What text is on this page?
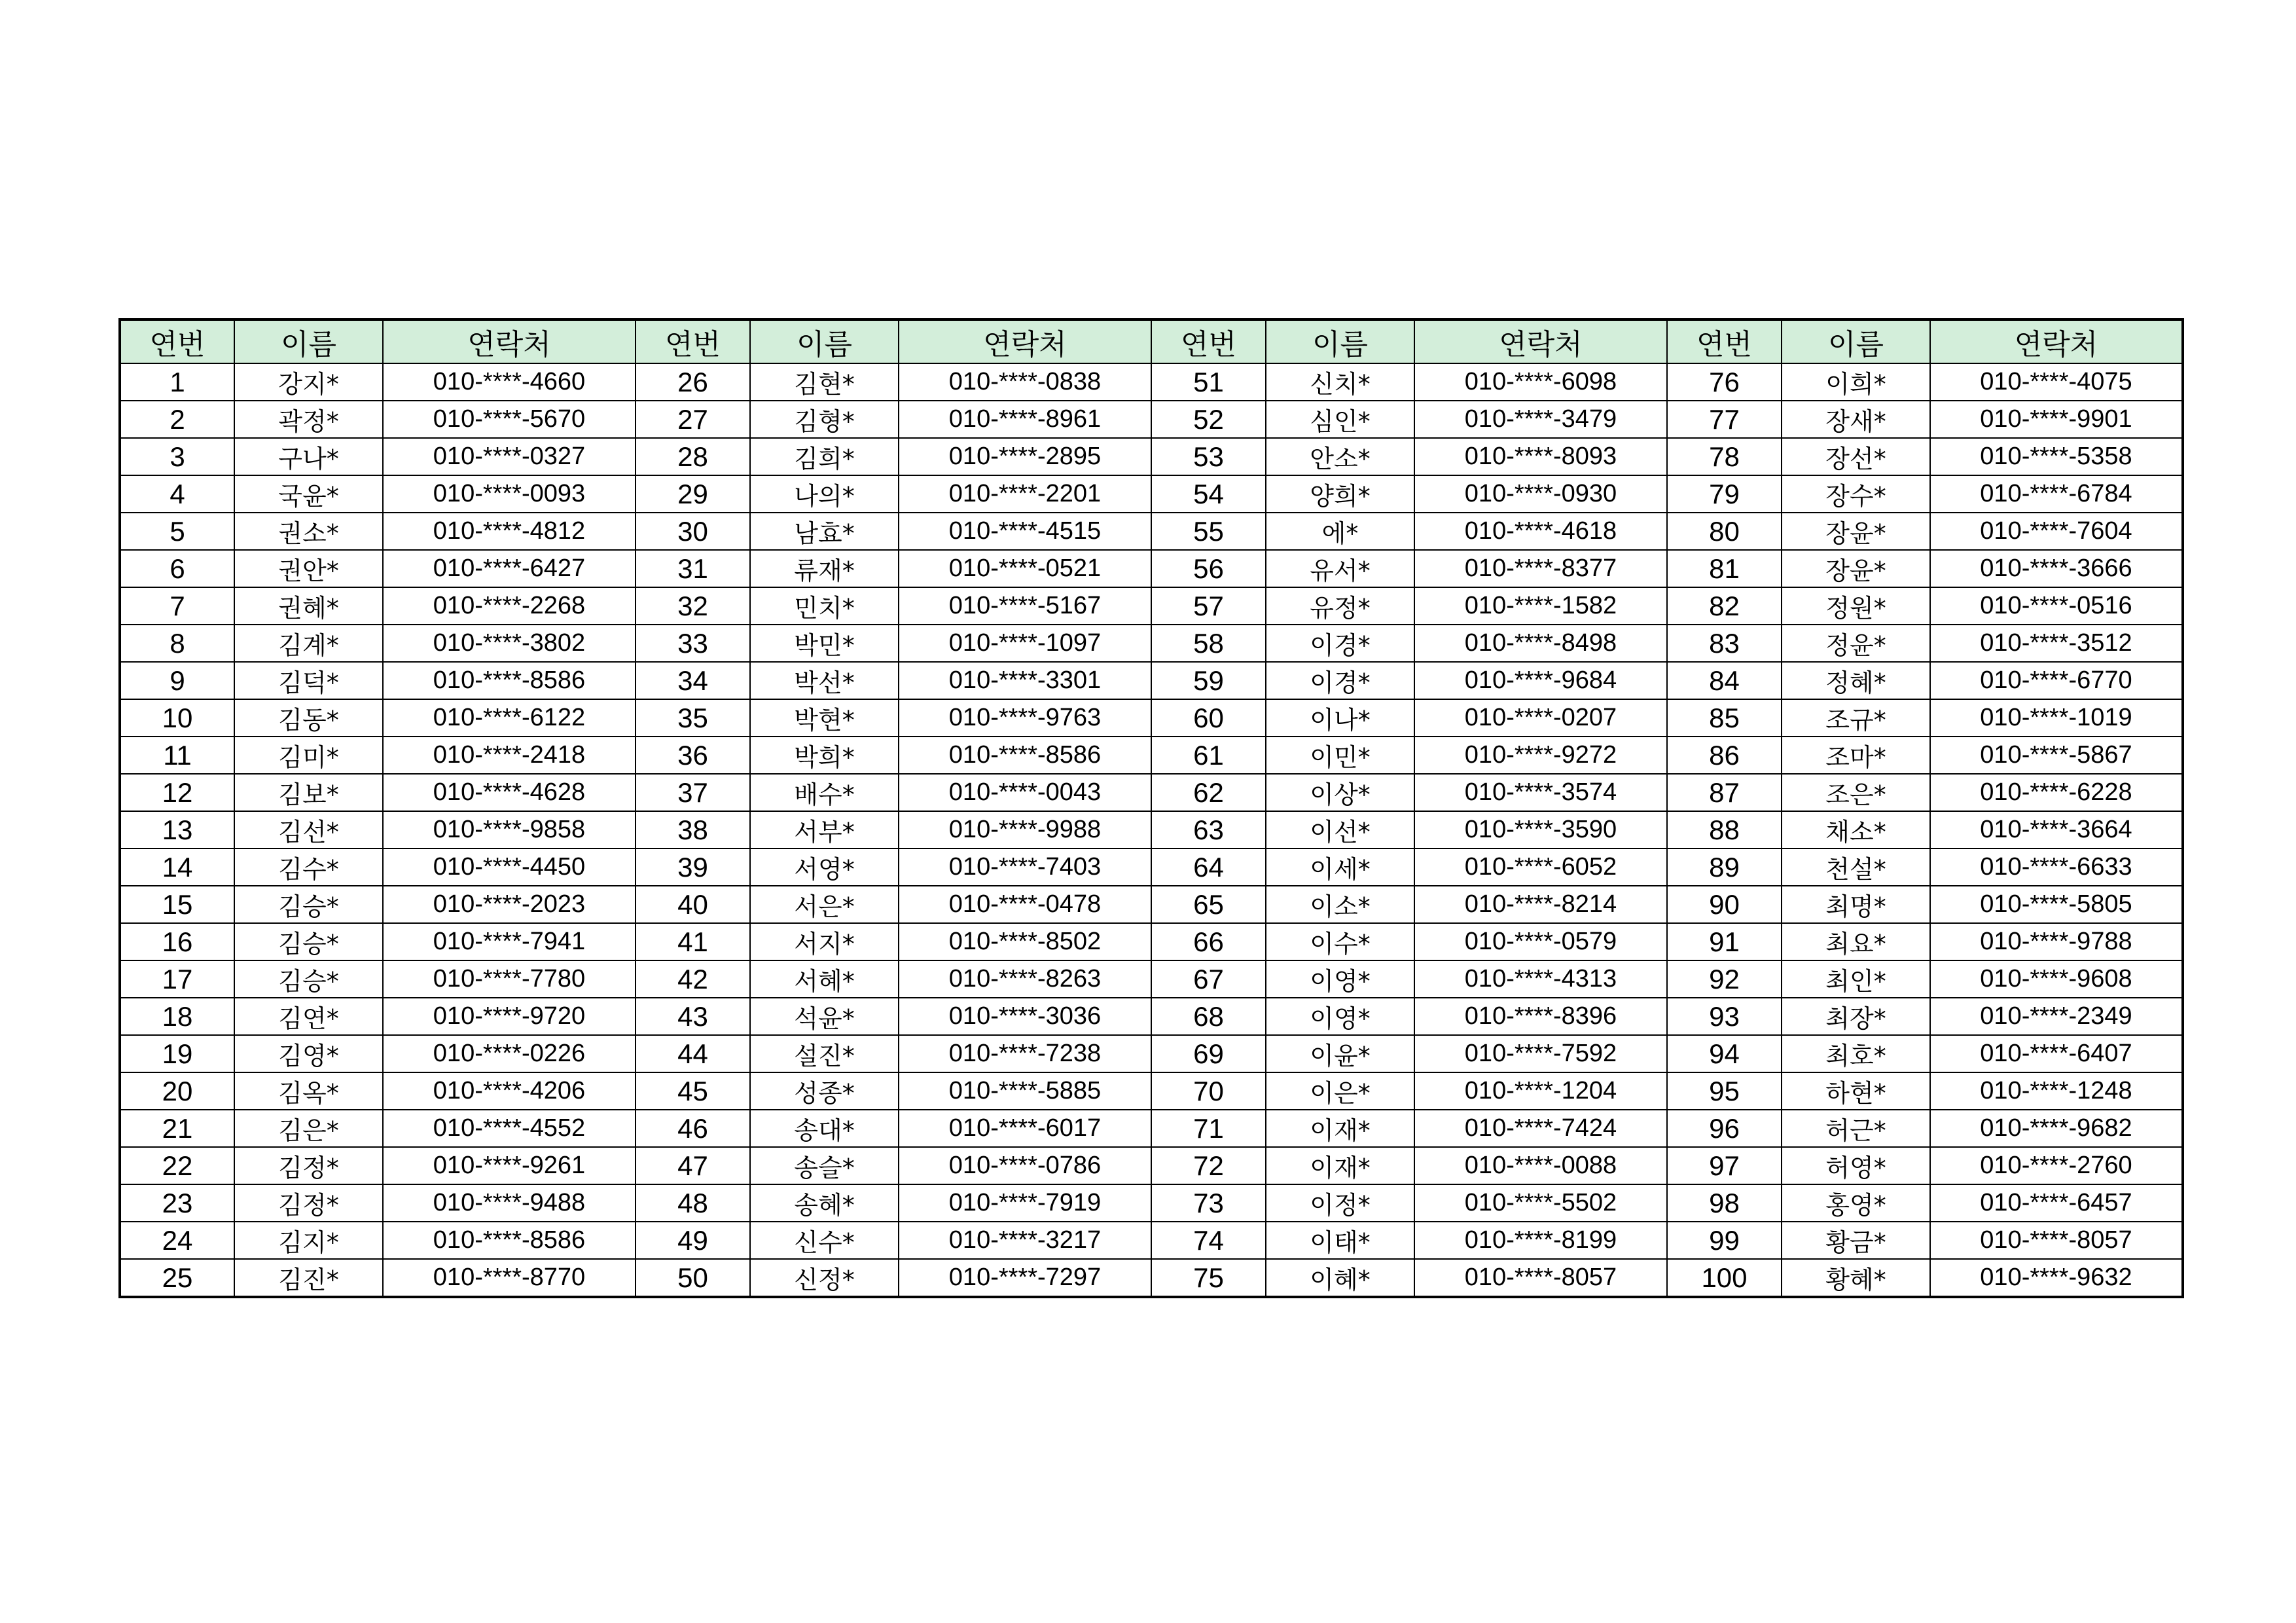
연번	이름	연락처	연번	이름	연락처	연번	이름	연락처	연번	이름	연락처
1	강지*	010-****-4660	26	김현*	010-****-0838	51	신치*	010-****-6098	76	이희*	010-****-4075
2	곽정*	010-****-5670	27	김형*	010-****-8961	52	심인*	010-****-3479	77	장새*	010-****-9901
3	구나*	010-****-0327	28	김희*	010-****-2895	53	안소*	010-****-8093	78	장선*	010-****-5358
4	국윤*	010-****-0093	29	나의*	010-****-2201	54	양희*	010-****-0930	79	장수*	010-****-6784
5	권소*	010-****-4812	30	남효*	010-****-4515	55	에*	010-****-4618	80	장윤*	010-****-7604
6	권안*	010-****-6427	31	류재*	010-****-0521	56	유서*	010-****-8377	81	장윤*	010-****-3666
7	권혜*	010-****-2268	32	민치*	010-****-5167	57	유정*	010-****-1582	82	정원*	010-****-0516
8	김계*	010-****-3802	33	박민*	010-****-1097	58	이경*	010-****-8498	83	정윤*	010-****-3512
9	김덕*	010-****-8586	34	박선*	010-****-3301	59	이경*	010-****-9684	84	정혜*	010-****-6770
10	김동*	010-****-6122	35	박현*	010-****-9763	60	이나*	010-****-0207	85	조규*	010-****-1019
11	김미*	010-****-2418	36	박희*	010-****-8586	61	이민*	010-****-9272	86	조마*	010-****-5867
12	김보*	010-****-4628	37	배수*	010-****-0043	62	이상*	010-****-3574	87	조은*	010-****-6228
13	김선*	010-****-9858	38	서부*	010-****-9988	63	이선*	010-****-3590	88	채소*	010-****-3664
14	김수*	010-****-4450	39	서영*	010-****-7403	64	이세*	010-****-6052	89	천설*	010-****-6633
15	김승*	010-****-2023	40	서은*	010-****-0478	65	이소*	010-****-8214	90	최명*	010-****-5805
16	김승*	010-****-7941	41	서지*	010-****-8502	66	이수*	010-****-0579	91	최요*	010-****-9788
17	김승*	010-****-7780	42	서혜*	010-****-8263	67	이영*	010-****-4313	92	최인*	010-****-9608
18	김연*	010-****-9720	43	석윤*	010-****-3036	68	이영*	010-****-8396	93	최장*	010-****-2349
19	김영*	010-****-0226	44	설진*	010-****-7238	69	이윤*	010-****-7592	94	최호*	010-****-6407
20	김옥*	010-****-4206	45	성종*	010-****-5885	70	이은*	010-****-1204	95	하현*	010-****-1248
21	김은*	010-****-4552	46	송대*	010-****-6017	71	이재*	010-****-7424	96	허근*	010-****-9682
22	김정*	010-****-9261	47	송슬*	010-****-0786	72	이재*	010-****-0088	97	허영*	010-****-2760
23	김정*	010-****-9488	48	송혜*	010-****-7919	73	이정*	010-****-5502	98	홍영*	010-****-6457
24	김지*	010-****-8586	49	신수*	010-****-3217	74	이태*	010-****-8199	99	황금*	010-****-8057
25	김진*	010-****-8770	50	신정*	010-****-7297	75	이혜*	010-****-8057	100	황혜*	010-****-9632
